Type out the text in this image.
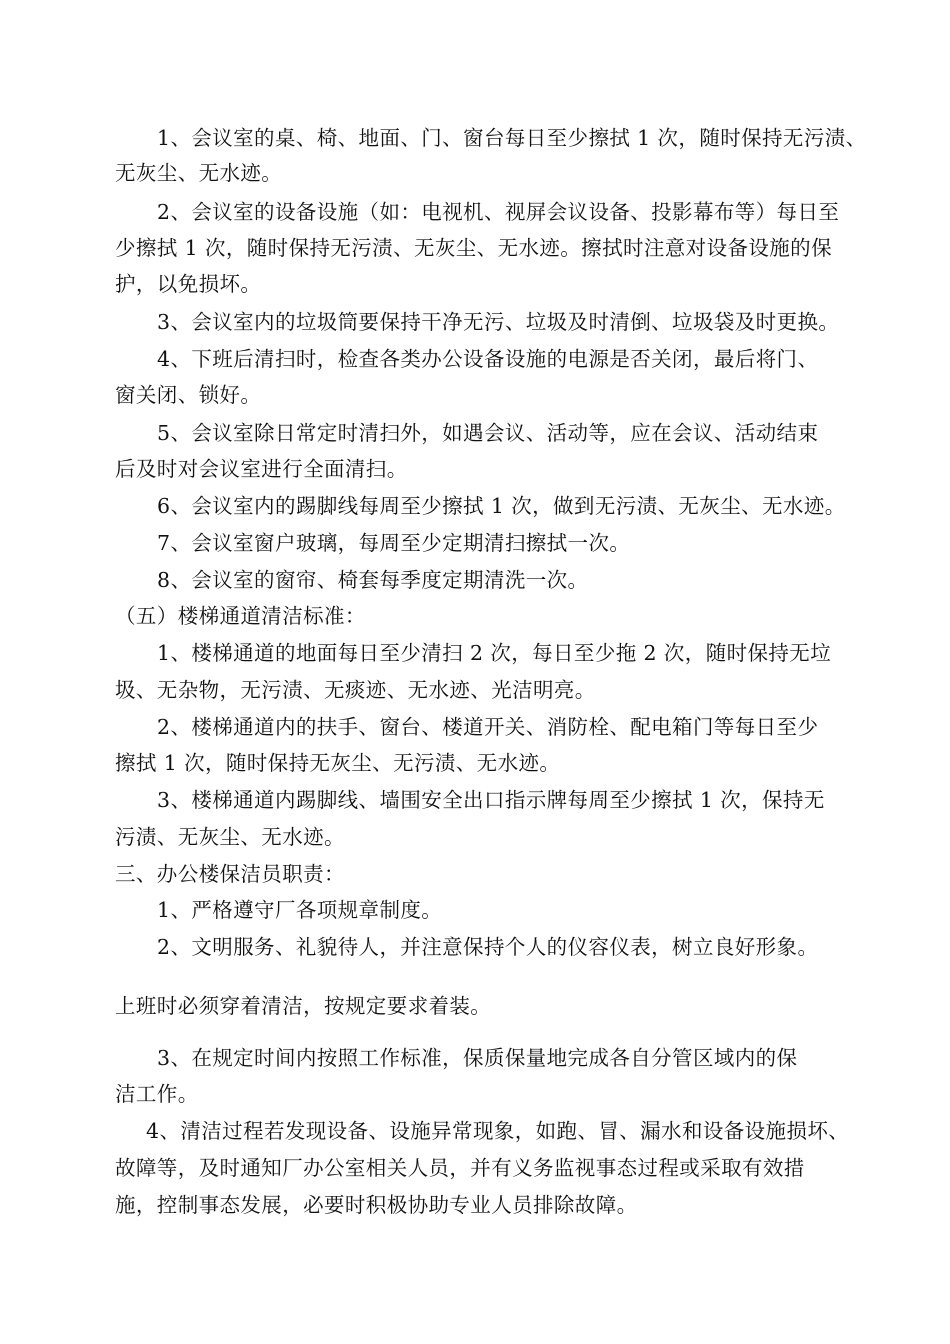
1、会议室的桌、椅、地面、门、窗台每日至少擦拭 1 次，随时保持无污渍、
无灰尘、无水迹。
2、会议室的设备设施（如：电视机、视屏会议设备、投影幕布等）每日至
少擦拭 1 次，随时保持无污渍、无灰尘、无水迹。擦拭时注意对设备设施的保
护，以免损坏。
3、会议室内的垃圾筒要保持干净无污、垃圾及时清倒、垃圾袋及时更换。
4、下班后清扫时，检查各类办公设备设施的电源是否关闭，最后将门、
窗关闭、锁好。
5、会议室除日常定时清扫外，如遇会议、活动等，应在会议、活动结束
后及时对会议室进行全面清扫。
6、会议室内的踢脚线每周至少擦拭 1 次，做到无污渍、无灰尘、无水迹。
7、会议室窗户玻璃，每周至少定期清扫擦拭一次。
8、会议室的窗帘、椅套每季度定期清洗一次。
（五）楼梯通道清洁标准：
1、楼梯通道的地面每日至少清扫 2 次，每日至少拖 2 次，随时保持无垃
圾、无杂物，无污渍、无痰迹、无水迹、光洁明亮。
2、楼梯通道内的扶手、窗台、楼道开关、消防栓、配电箱门等每日至少
擦拭 1 次，随时保持无灰尘、无污渍、无水迹。
3、楼梯通道内踢脚线、墙围安全出口指示牌每周至少擦拭 1 次，保持无
污渍、无灰尘、无水迹。
三、办公楼保洁员职责：
1、严格遵守厂各项规章制度。
2、文明服务、礼貌待人，并注意保持个人的仪容仪表，树立良好形象。
上班时必须穿着清洁，按规定要求着装。
3、在规定时间内按照工作标准，保质保量地完成各自分管区域内的保
洁工作。
4、清洁过程若发现设备、设施异常现象，如跑、冒、漏水和设备设施损坏、
故障等，及时通知厂办公室相关人员，并有义务监视事态过程或采取有效措
施，控制事态发展，必要时积极协助专业人员排除故障。
